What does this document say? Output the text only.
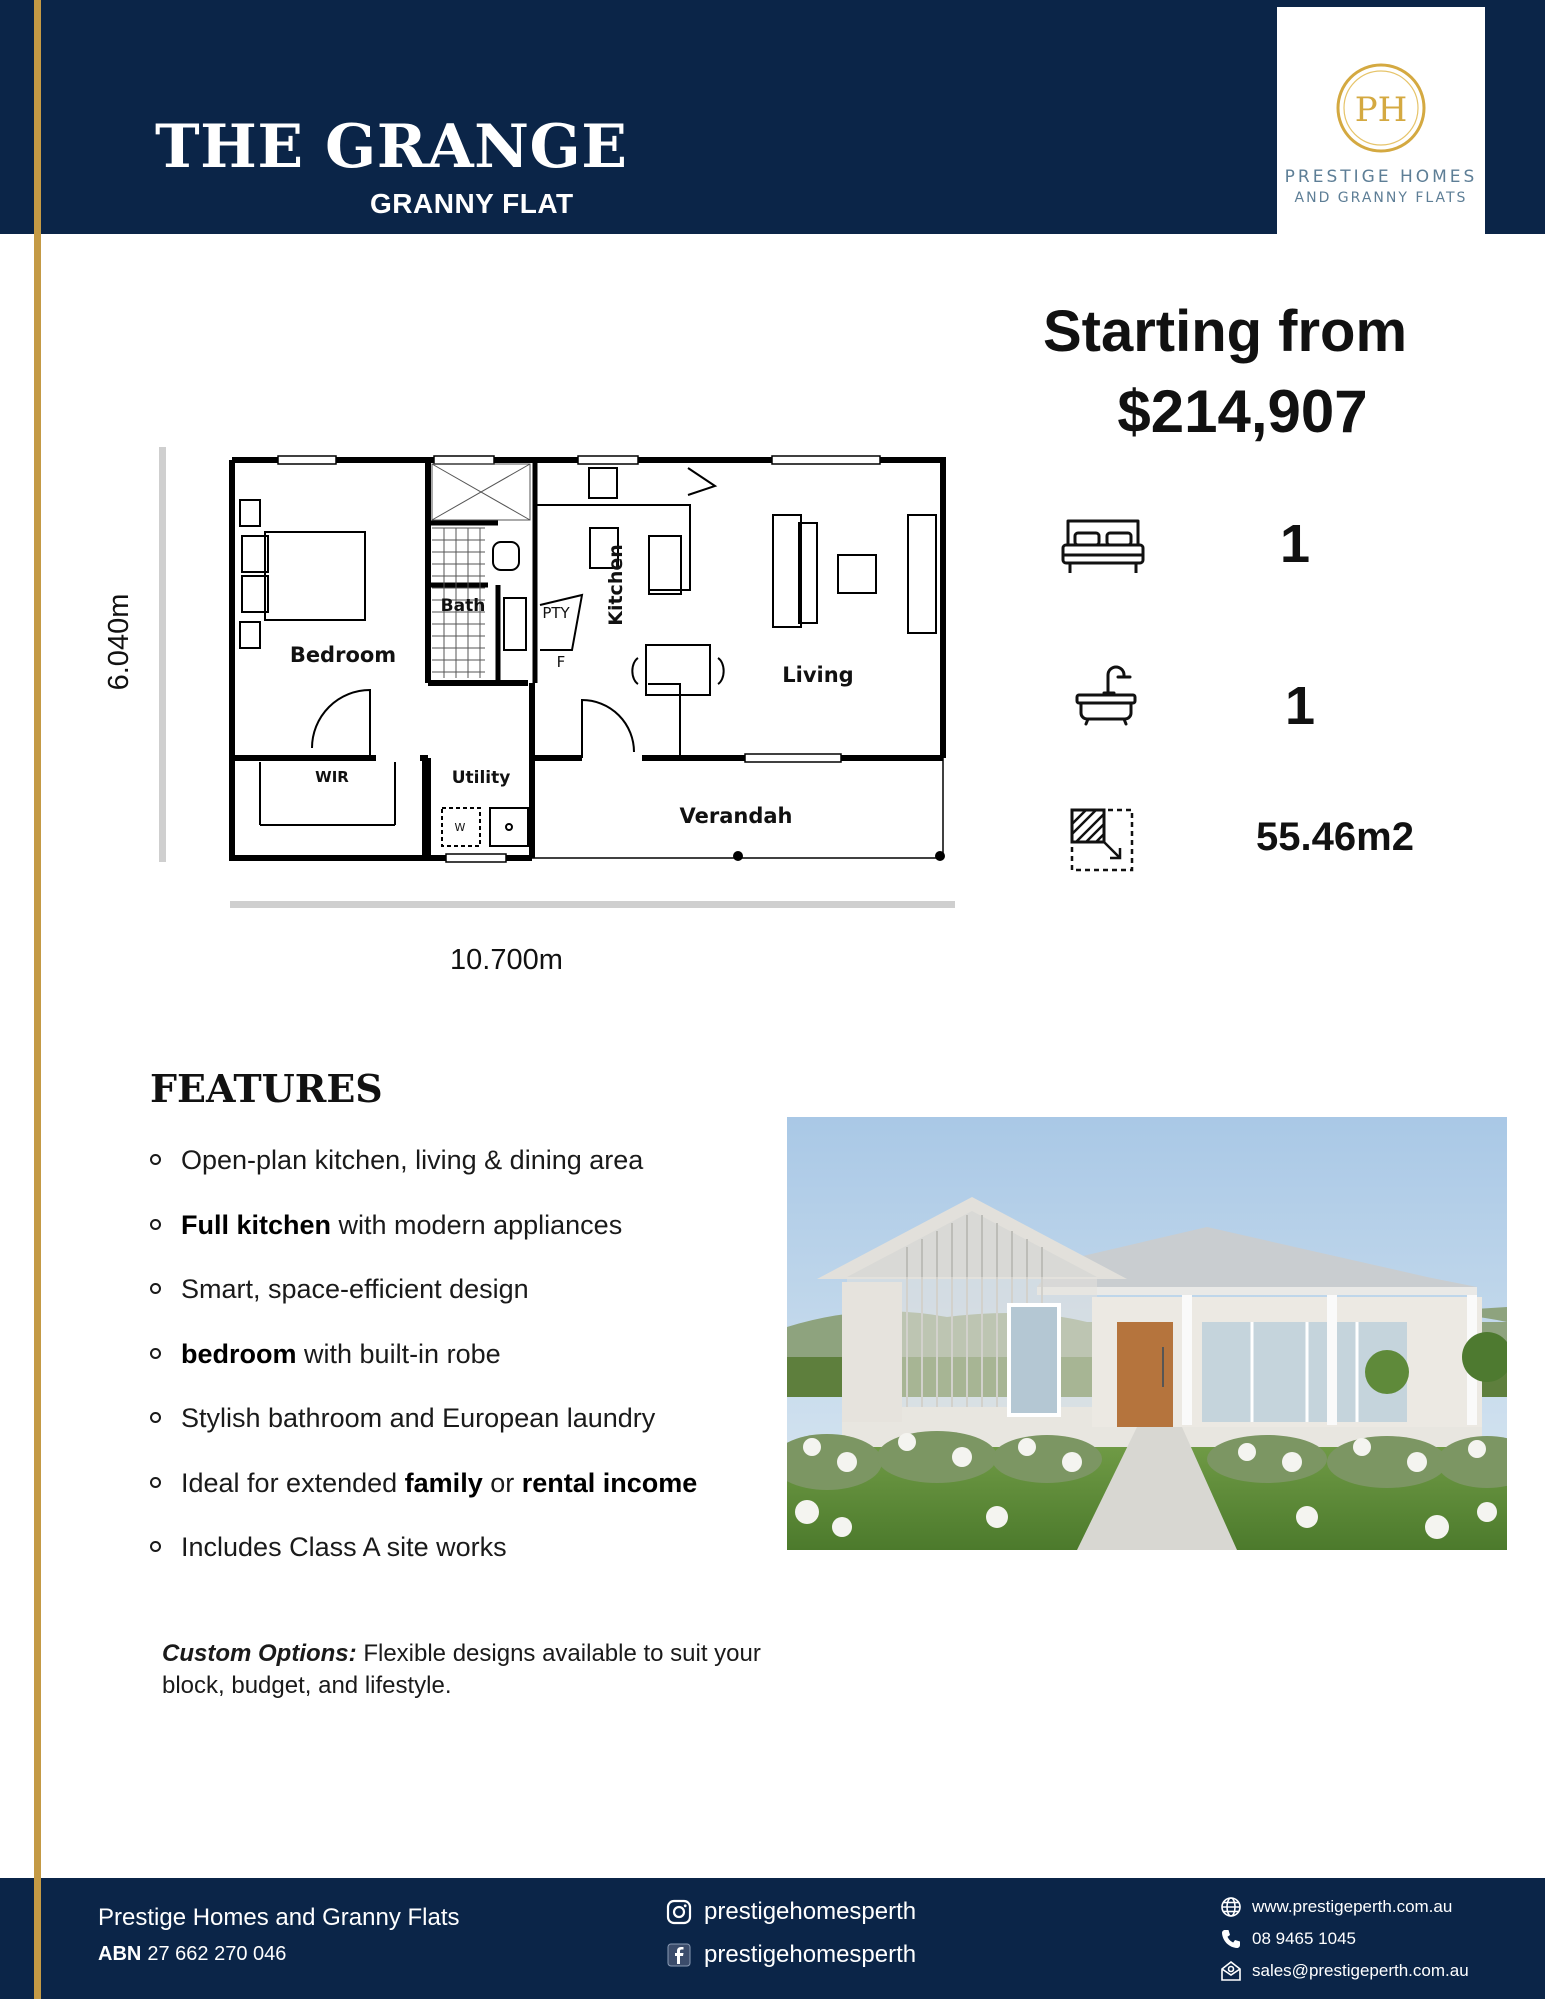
THE GRANGE
GRANNY FLAT
PH
PRESTIGE HOMES
AND GRANNY FLATS
Starting from
$214,907
1
1
55.46m2
6.040m	Bedroom
WIR
Bath	Kitchen
PTY
F
Living
Utility
W	Verandah
10.700m
FEATURES
Open-plan kitchen, living & dining area
Full kitchen with modern appliances
Smart, space-efficient design
bedroom with built-in robe
Stylish bathroom and European laundry
Ideal for extended family or rental income
Includes Class A site works
Custom Options: Flexible designs available to suit your block, budget, and lifestyle.
Prestige Homes and Granny Flats
ABN 27 662 270 046
prestigehomesperth
prestigehomesperth
www.prestigeperth.com.au
08 9465 1045
sales@prestigeperth.com.au
